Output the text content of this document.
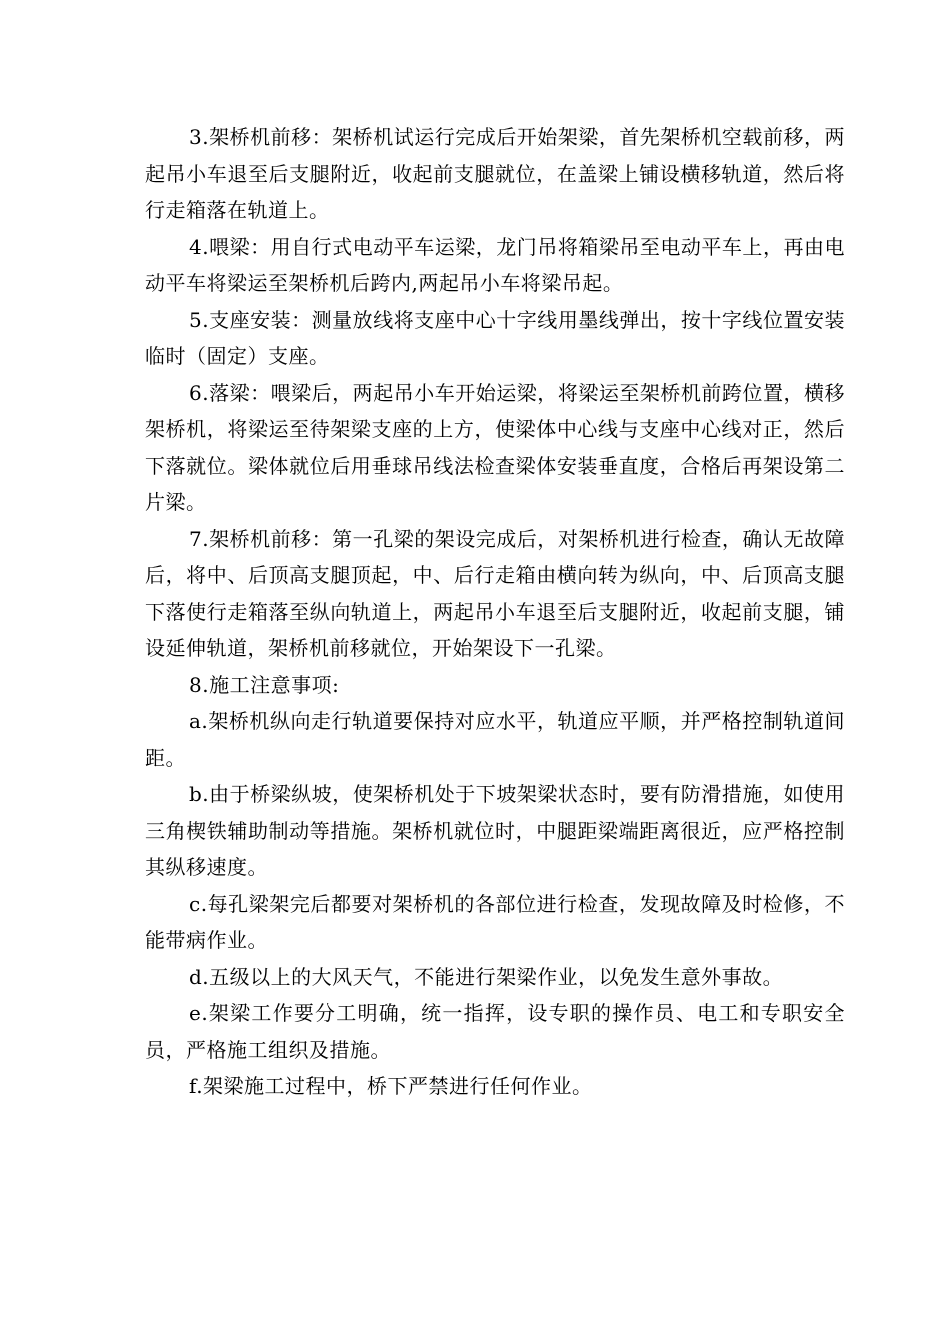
3.架桥机前移：架桥机试运行完成后开始架梁，首先架桥机空载前移，两起吊小车退至后支腿附近，收起前支腿就位，在盖梁上铺设横移轨道，然后将行走箱落在轨道上。

4.喂梁：用自行式电动平车运梁，龙门吊将箱梁吊至电动平车上，再由电动平车将梁运至架桥机后跨内,两起吊小车将梁吊起。

5.支座安装：测量放线将支座中心十字线用墨线弹出，按十字线位置安装临时（固定）支座。

6.落梁：喂梁后，两起吊小车开始运梁，将梁运至架桥机前跨位置，横移架桥机，将梁运至待架梁支座的上方，使梁体中心线与支座中心线对正，然后下落就位。梁体就位后用垂球吊线法检查梁体安装垂直度，合格后再架设第二片梁。

7.架桥机前移：第一孔梁的架设完成后，对架桥机进行检查，确认无故障后，将中、后顶高支腿顶起，中、后行走箱由横向转为纵向，中、后顶高支腿下落使行走箱落至纵向轨道上，两起吊小车退至后支腿附近，收起前支腿，铺设延伸轨道，架桥机前移就位，开始架设下一孔梁。

8.施工注意事项:

a.架桥机纵向走行轨道要保持对应水平，轨道应平顺，并严格控制轨道间距。

b.由于桥梁纵坡，使架桥机处于下坡架梁状态时，要有防滑措施，如使用三角楔铁辅助制动等措施。架桥机就位时，中腿距梁端距离很近，应严格控制其纵移速度。

c.每孔梁架完后都要对架桥机的各部位进行检查，发现故障及时检修，不能带病作业。

d.五级以上的大风天气，不能进行架梁作业，以免发生意外事故。

e.架梁工作要分工明确，统一指挥，设专职的操作员、电工和专职安全员，严格施工组织及措施。

f.架梁施工过程中，桥下严禁进行任何作业。
